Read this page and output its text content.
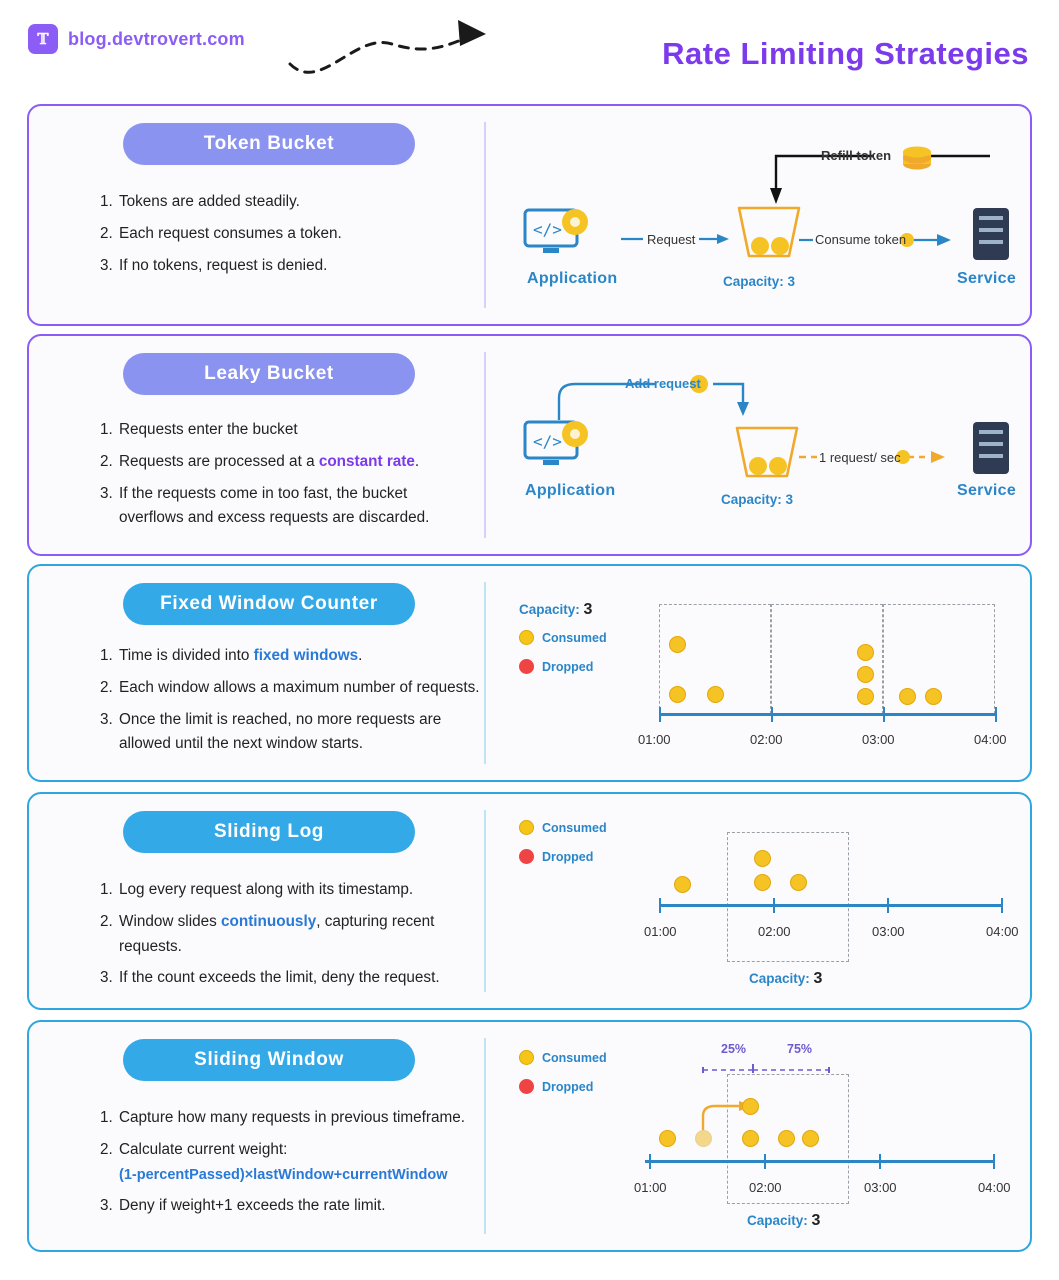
𝕋	blog.devtrovert.com	Rate Limiting Strategies
Token Bucket
1. Tokens are added steadily.
2. Each request consumes a token.
3. If no tokens, request is denied.
</>
Application
Request
Capacity: 3
Refill token
Consume token
Service
Leaky Bucket
1. Requests enter the bucket
2. Requests are processed at a constant rate.
3. If the requests come in too fast, the bucket overflows and excess requests are discarded.
</>
Application
Add request
Capacity: 3
1 request/ sec
Service
Fixed Window Counter
1. Time is divided into fixed windows.
2. Each window allows a maximum number of requests.
3. Once the limit is reached, no more requests are allowed until the next window starts.
Capacity: 3
Consumed
Dropped
01:00	02:00	03:00	04:00
Sliding Log
1. Log every request along with its timestamp.
2. Window slides continuously, capturing recent requests.
3. If the count exceeds the limit, deny the request.
Consumed
Dropped
01:00	02:00	03:00	04:00
Capacity: 3
Sliding Window
1. Capture how many requests in previous timeframe.
2. Calculate current weight:
(1-percentPassed)×lastWindow+currentWindow
3. Deny if weight+1 exceeds the rate limit.
Consumed
Dropped
25%	75%
01:00	02:00	03:00	04:00
Capacity: 3
